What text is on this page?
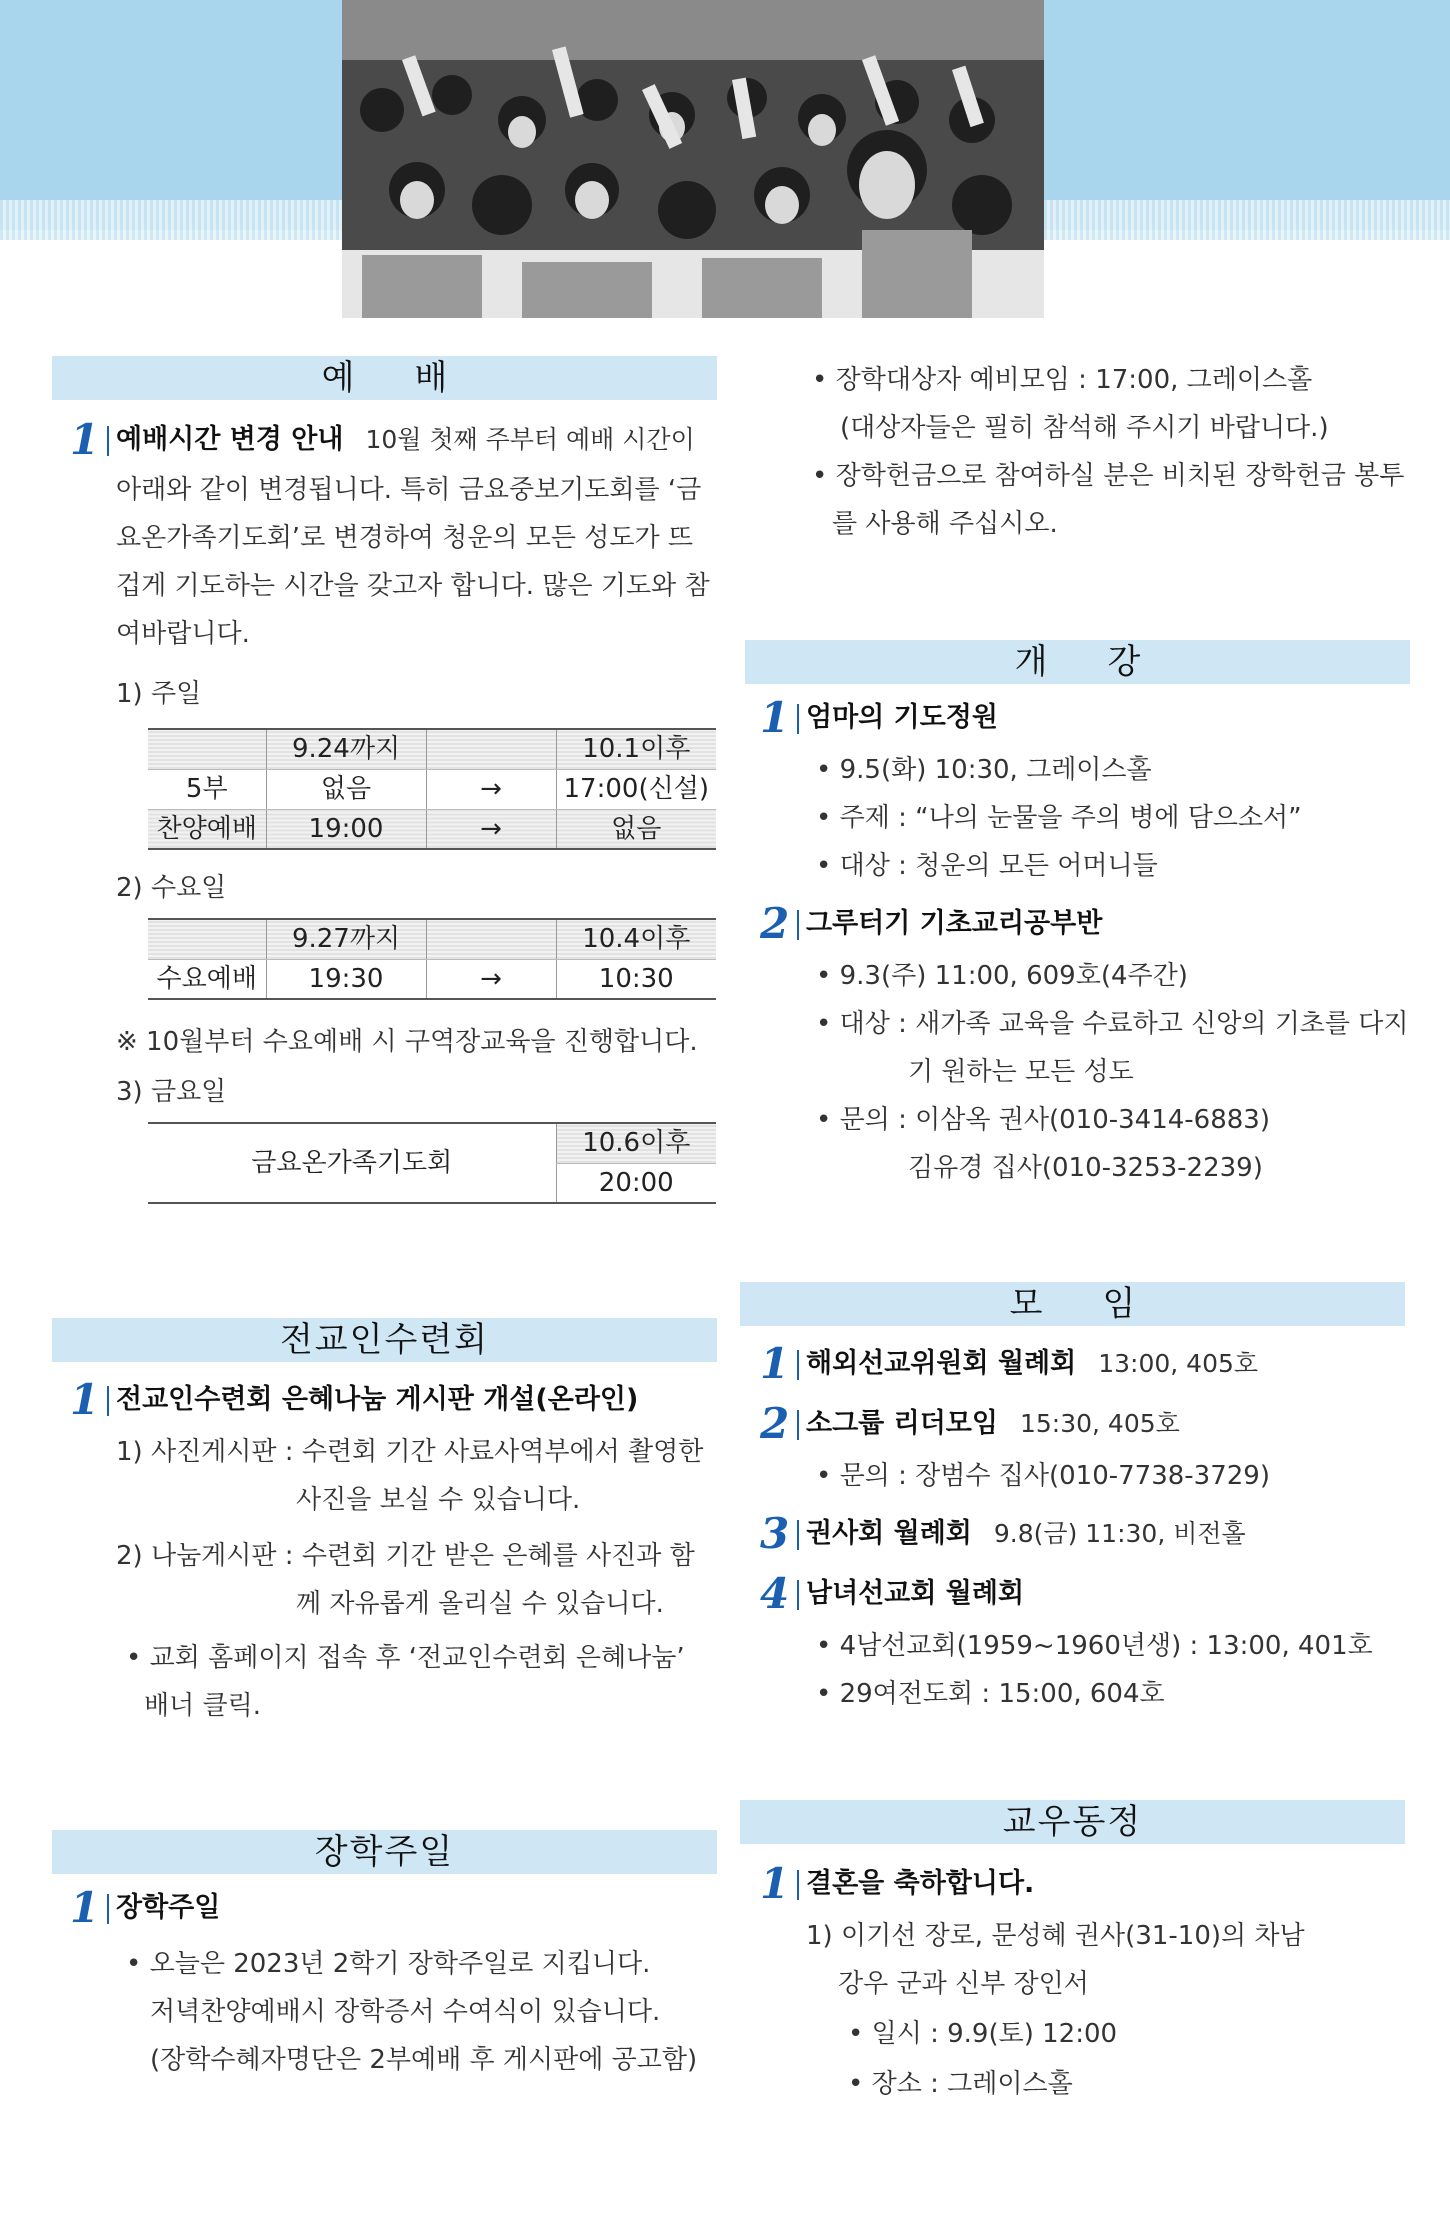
예배
1 예배시간 변경 안내 10월 첫째 주부터 예배 시간이
아래와 같이 변경됩니다. 특히 금요중보기도회를 ‘금
요온가족기도회’로 변경하여 청운의 모든 성도가 뜨
겁게 기도하는 시간을 갖고자 합니다. 많은 기도와 참
여바랍니다.
1) 주일
	9.24까지		10.1이후
5부	없음	→	17:00(신설)
찬양예배	19:00	→	없음
2) 수요일
	9.27까지		10.4이후
수요예배	19:30	→	10:30
※ 10월부터 수요예배 시 구역장교육을 진행합니다.
3) 금요일
금요온가족기도회	10.6이후
20:00
전교인수련회
1 전교인수련회 은혜나눔 게시판 개설(온라인)
1) 사진게시판 : 수련회 기간 사료사역부에서 촬영한
사진을 보실 수 있습니다.
2) 나눔게시판 : 수련회 기간 받은 은혜를 사진과 함
께 자유롭게 올리실 수 있습니다.
• 교회 홈페이지 접속 후 ‘전교인수련회 은혜나눔’
배너 클릭.
장학주일
1 장학주일
• 오늘은 2023년 2학기 장학주일로 지킵니다.
저녁찬양예배시 장학증서 수여식이 있습니다.
(장학수혜자명단은 2부예배 후 게시판에 공고함)
• 장학대상자 예비모임 : 17:00, 그레이스홀
(대상자들은 필히 참석해 주시기 바랍니다.)
• 장학헌금으로 참여하실 분은 비치된 장학헌금 봉투
를 사용해 주십시오.
개강
1 엄마의 기도정원
• 9.5(화) 10:30, 그레이스홀
• 주제 : “나의 눈물을 주의 병에 담으소서”
• 대상 : 청운의 모든 어머니들
2 그루터기 기초교리공부반
• 9.3(주) 11:00, 609호(4주간)
• 대상 : 새가족 교육을 수료하고 신앙의 기초를 다지
기 원하는 모든 성도
• 문의 : 이삼옥 권사(010-3414-6883)
김유경 집사(010-3253-2239)
모임
1 해외선교위원회 월례회 13:00, 405호
2 소그룹 리더모임 15:30, 405호
• 문의 : 장범수 집사(010-7738-3729)
3 권사회 월례회 9.8(금) 11:30, 비전홀
4 남녀선교회 월례회
• 4남선교회(1959~1960년생) : 13:00, 401호
• 29여전도회 : 15:00, 604호
교우동정
1 결혼을 축하합니다.
1) 이기선 장로, 문성혜 권사(31-10)의 차남
강우 군과 신부 장인서
• 일시 : 9.9(토) 12:00
• 장소 : 그레이스홀
